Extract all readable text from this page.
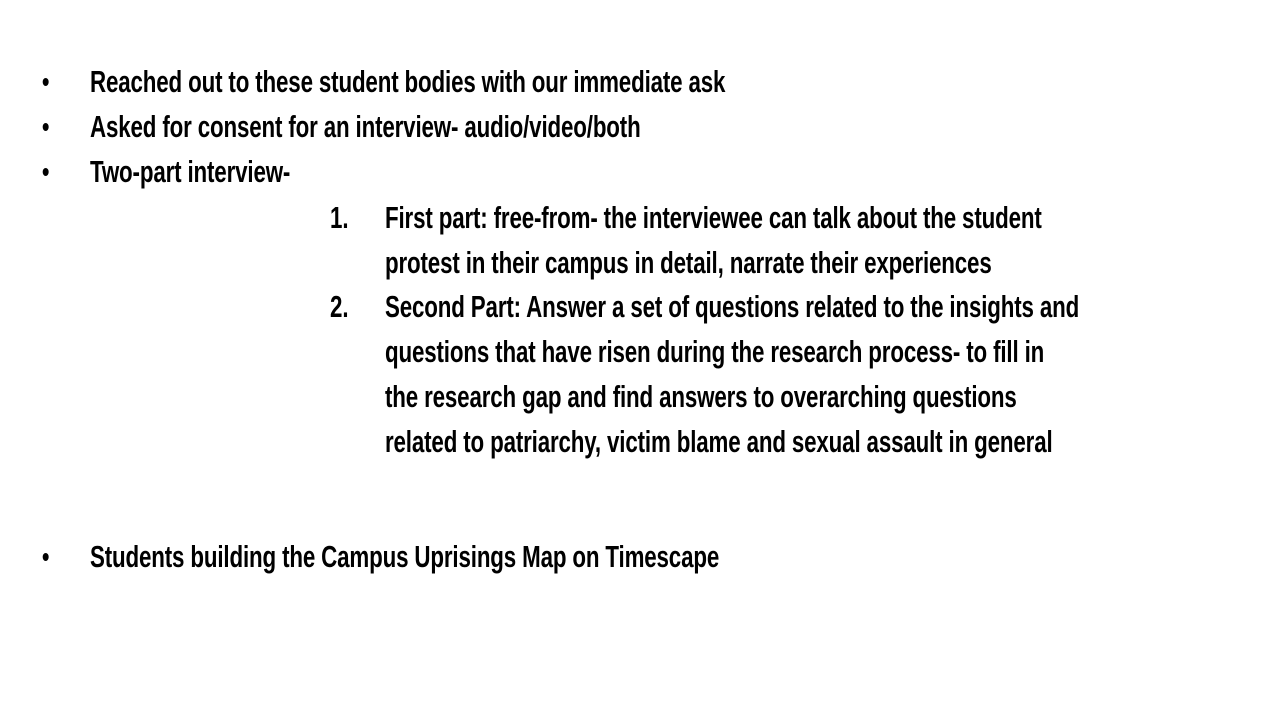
• Reached out to these student bodies with our immediate ask
• Asked for consent for an interview- audio/video/both
• Two-part interview-
1. First part: free-from- the interviewee can talk about the student
protest in their campus in detail, narrate their experiences
2. Second Part: Answer a set of questions related to the insights and
questions that have risen during the research process- to fill in
the research gap and find answers to overarching questions
related to patriarchy, victim blame and sexual assault in general
• Students building the Campus Uprisings Map on Timescape
